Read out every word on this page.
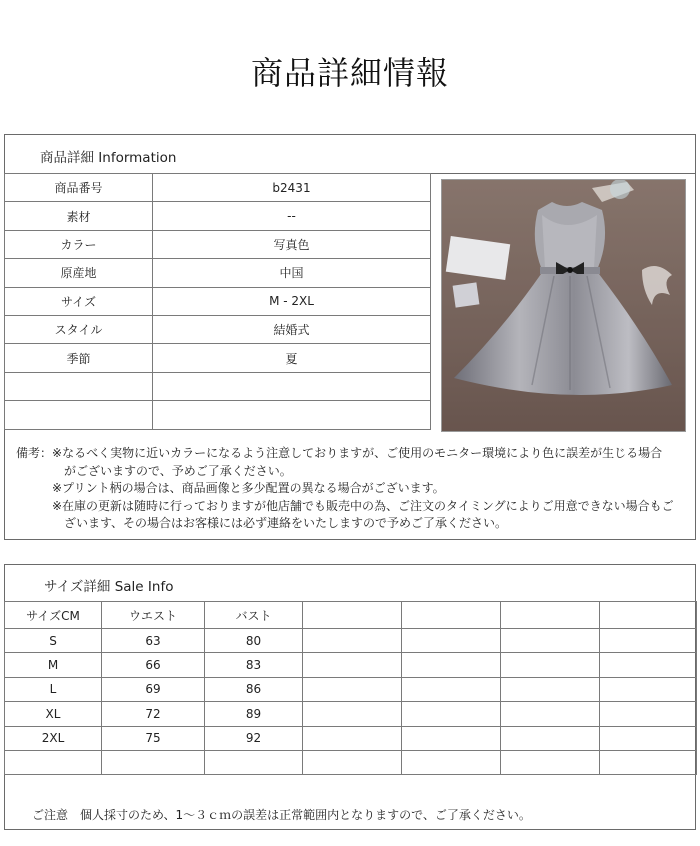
商品詳細情報
商品詳細 Information
商品番号	b2431
素材	--
カラー	写真色
原産地	中国
サイズ	M - 2XL
スタイル	結婚式
季節	夏

備考：※なるべく実物に近いカラーになるよう注意しておりますが、ご使用のモニター環境により色に誤差が生じる場合
がございますので、予めご了承ください。
※プリント柄の場合は、商品画像と多少配置の異なる場合がございます。
※在庫の更新は随時に行っておりますが他店舗でも販売中の為、ご注文のタイミングによりご用意できない場合もご
ざいます、その場合はお客様には必ず連絡をいたしますので予めご了承ください。
サイズ詳細 Sale Info
サイズCM	ウエスト	バスト				
S	63	80				
M	66	83				
L	69	86				
XL	72	89				
2XL	75	92				

ご注意　個人採寸のため、1～３ｃｍの誤差は正常範囲内となりますので、ご了承ください。
